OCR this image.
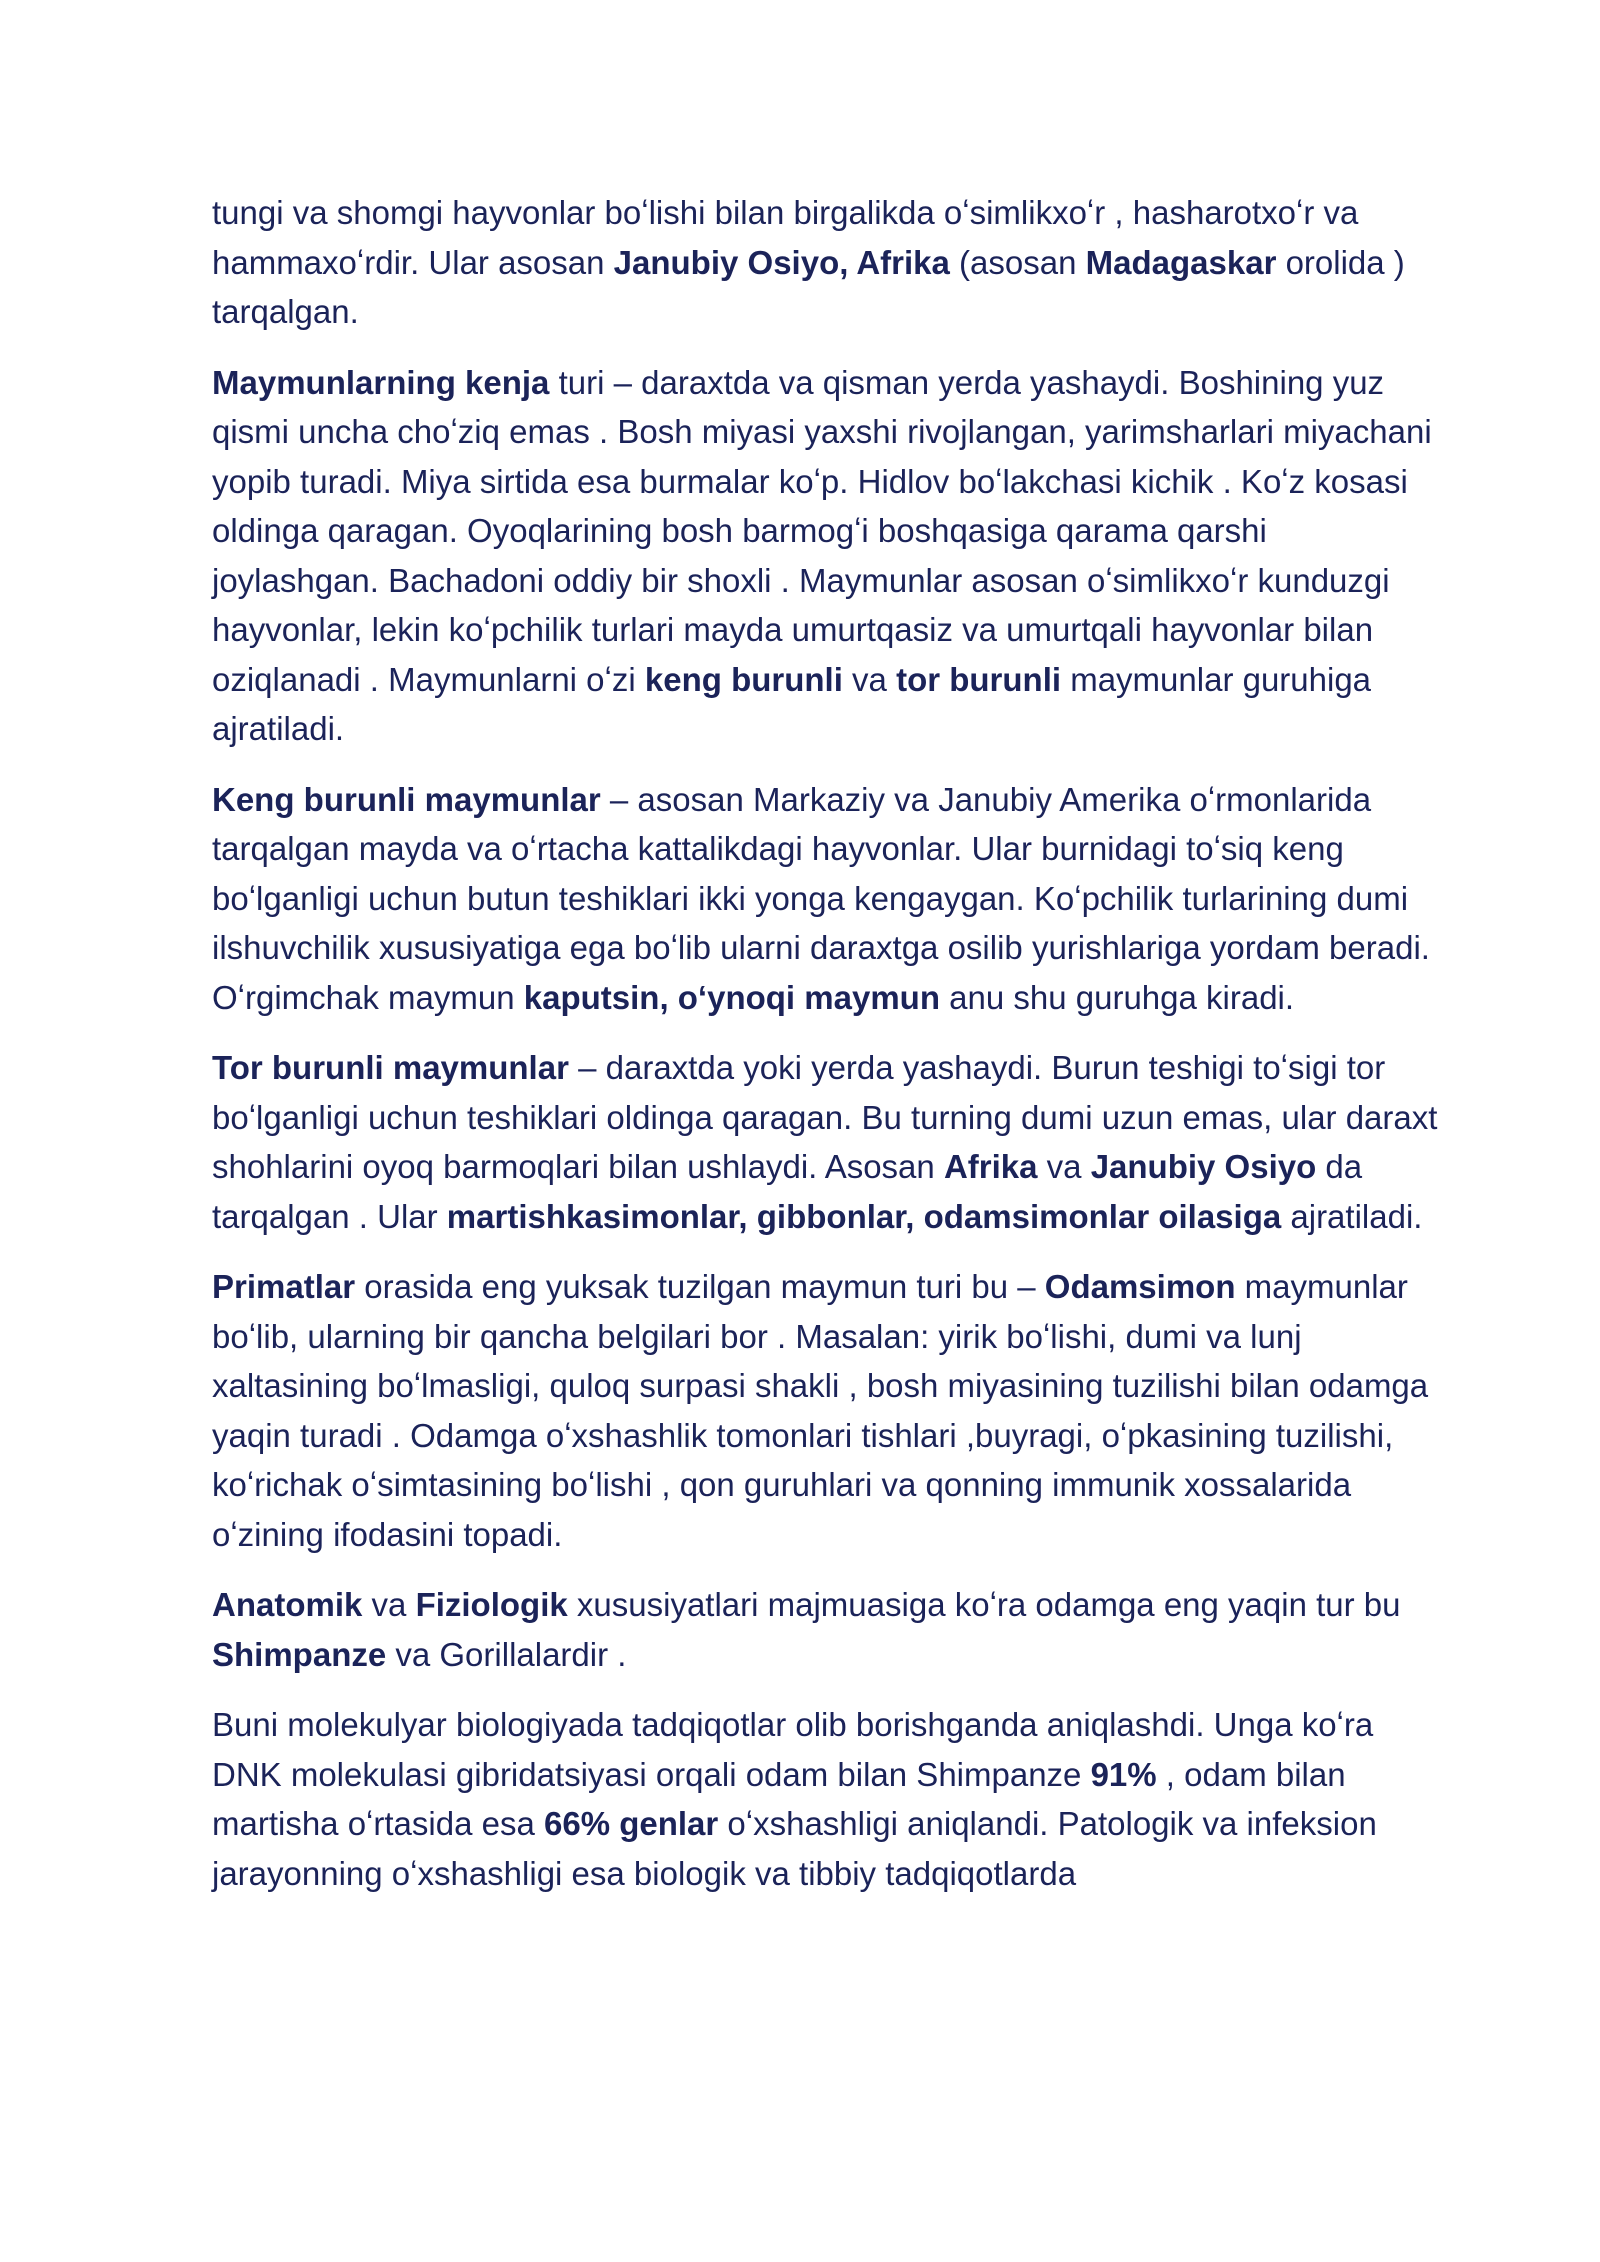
tungi va shomgi hayvonlar boʻlishi bilan birgalikda oʻsimlikxoʻr , hasharotxoʻr va hammaxoʻrdir. Ular asosan Janubiy Osiyo, Afrika (asosan Madagaskar orolida ) tarqalgan.

Maymunlarning kenja turi – daraxtda va qisman yerda yashaydi. Boshining yuz qismi uncha choʻziq emas . Bosh miyasi yaxshi rivojlangan, yarimsharlari miyachani yopib turadi. Miya sirtida esa burmalar koʻp. Hidlov boʻlakchasi kichik . Koʻz kosasi oldinga qaragan. Oyoqlarining bosh barmogʻi boshqasiga qarama qarshi joylashgan. Bachadoni oddiy bir shoxli . Maymunlar asosan oʻsimlikxoʻr kunduzgi hayvonlar, lekin koʻpchilik turlari mayda umurtqasiz va umurtqali hayvonlar bilan oziqlanadi . Maymunlarni oʻzi keng burunli va tor burunli maymunlar guruhiga ajratiladi.

Keng burunli maymunlar – asosan Markaziy va Janubiy Amerika oʻrmonlarida tarqalgan mayda va oʻrtacha kattalikdagi hayvonlar. Ular burnidagi toʻsiq keng boʻlganligi uchun butun teshiklari ikki yonga kengaygan. Koʻpchilik turlarining dumi ilshuvchilik xususiyatiga ega boʻlib ularni daraxtga osilib yurishlariga yordam beradi. Oʻrgimchak maymun kaputsin, oʻynoqi maymun anu shu guruhga kiradi.

Tor burunli maymunlar – daraxtda yoki yerda yashaydi. Burun teshigi toʻsigi tor boʻlganligi uchun teshiklari oldinga qaragan. Bu turning dumi uzun emas, ular daraxt shohlarini oyoq barmoqlari bilan ushlaydi. Asosan Afrika va Janubiy Osiyo da tarqalgan . Ular martishkasimonlar, gibbonlar, odamsimonlar oilasiga ajratiladi.

Primatlar orasida eng yuksak tuzilgan maymun turi bu – Odamsimon maymunlar boʻlib, ularning bir qancha belgilari bor . Masalan: yirik boʻlishi, dumi va lunj xaltasining boʻlmasligi, quloq surpasi shakli , bosh miyasining tuzilishi bilan odamga yaqin turadi . Odamga oʻxshashlik tomonlari tishlari ,buyragi, oʻpkasining tuzilishi, koʻrichak oʻsimtasining boʻlishi , qon guruhlari va qonning immunik xossalarida oʻzining ifodasini topadi.

Anatomik va Fiziologik xususiyatlari majmuasiga koʻra odamga eng yaqin tur bu Shimpanze va Gorillalardir .

Buni molekulyar biologiyada tadqiqotlar olib borishganda aniqlashdi. Unga koʻra DNK molekulasi gibridatsiyasi orqali odam bilan Shimpanze 91% , odam bilan martisha oʻrtasida esa 66% genlar oʻxshashligi aniqlandi. Patologik va infeksion jarayonning oʻxshashligi esa biologik va tibbiy tadqiqotlarda
